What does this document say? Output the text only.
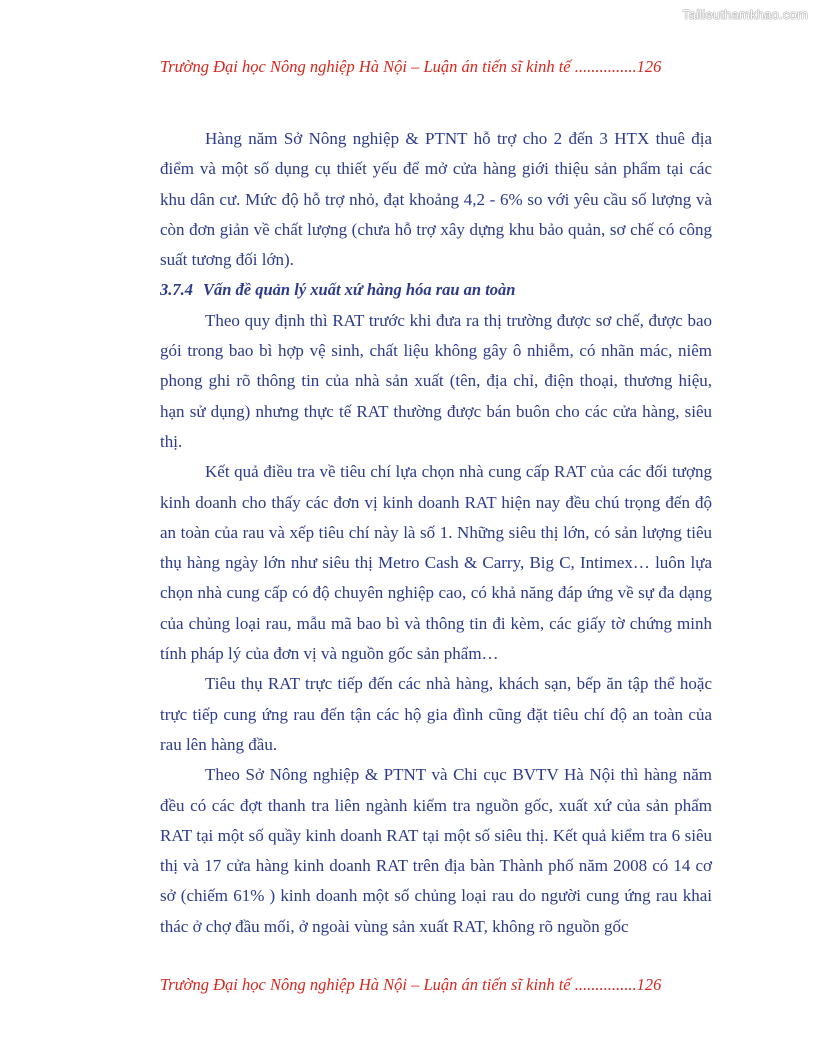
Tailieuthamkhao.com
Trường Đại học Nông nghiệp Hà Nội – Luận án tiến sĩ kinh tế ...............126

Hàng năm Sở Nông nghiệp & PTNT hỗ trợ cho 2 đến 3 HTX thuê địa điểm và một số dụng cụ thiết yếu để mở cửa hàng giới thiệu sản phẩm tại các khu dân cư. Mức độ hỗ trợ nhỏ, đạt khoảng 4,2 - 6% so với yêu cầu số lượng và còn đơn giản về chất lượng (chưa hỗ trợ xây dựng khu bảo quản, sơ chế có công suất tương đối lớn).

3.7.4 Vấn đề quản lý xuất xứ hàng hóa rau an toàn

Theo quy định thì RAT trước khi đưa ra thị trường được sơ chế, được bao gói trong bao bì hợp vệ sinh, chất liệu không gây ô nhiễm, có nhãn mác, niêm phong ghi rõ thông tin của nhà sản xuất (tên, địa chỉ, điện thoại, thương hiệu, hạn sử dụng) nhưng thực tế RAT thường được bán buôn cho các cửa hàng, siêu thị.

Kết quả điều tra về tiêu chí lựa chọn nhà cung cấp RAT của các đối tượng kinh doanh cho thấy các đơn vị kinh doanh RAT hiện nay đều chú trọng đến độ an toàn của rau và xếp tiêu chí này là số 1. Những siêu thị lớn, có sản lượng tiêu thụ hàng ngày lớn như siêu thị Metro Cash & Carry, Big C, Intimex… luôn lựa chọn nhà cung cấp có độ chuyên nghiệp cao, có khả năng đáp ứng về sự đa dạng của chủng loại rau, mẫu mã bao bì và thông tin đi kèm, các giấy tờ chứng minh tính pháp lý của đơn vị và nguồn gốc sản phẩm…

Tiêu thụ RAT trực tiếp đến các nhà hàng, khách sạn, bếp ăn tập thể hoặc trực tiếp cung ứng rau đến tận các hộ gia đình cũng đặt tiêu chí độ an toàn của rau lên hàng đầu.

Theo Sở Nông nghiệp & PTNT và Chi cục BVTV Hà Nội thì hàng năm đều có các đợt thanh tra liên ngành kiểm tra nguồn gốc, xuất xứ của sản phẩm RAT tại một số quầy kinh doanh RAT tại một số siêu thị. Kết quả kiểm tra 6 siêu thị và 17 cửa hàng kinh doanh RAT trên địa bàn Thành phố năm 2008 có 14 cơ sở (chiếm 61% ) kinh doanh một số chủng loại rau do người cung ứng rau khai thác ở chợ đầu mối, ở ngoài vùng sản xuất RAT, không rõ nguồn gốc

Trường Đại học Nông nghiệp Hà Nội – Luận án tiến sĩ kinh tế ...............126
